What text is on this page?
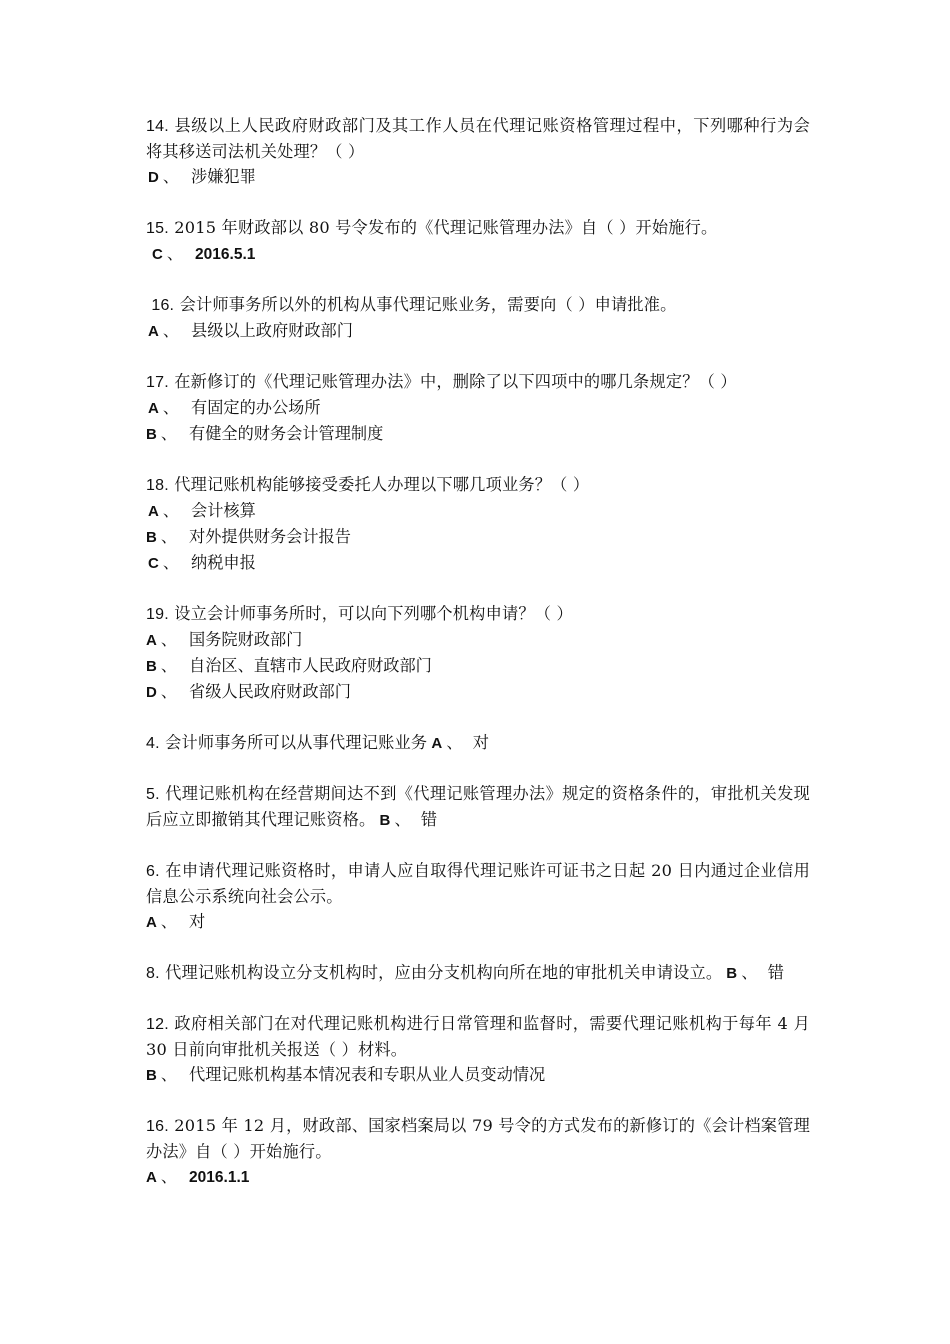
14. 县级以上人民政府财政部门及其工作人员在代理记账资格管理过程中，下列哪种行为会将其移送司法机关处理？（ ）

D 、 涉嫌犯罪

15. 2015 年财政部以 80 号令发布的《代理记账管理办法》自（ ）开始施行。

C 、 2016.5.1

16. 会计师事务所以外的机构从事代理记账业务，需要向（ ）申请批准。

A 、 县级以上政府财政部门

17. 在新修订的《代理记账管理办法》中，删除了以下四项中的哪几条规定？（ ）

A 、 有固定的办公场所

B 、 有健全的财务会计管理制度

18. 代理记账机构能够接受委托人办理以下哪几项业务？（ ）

A 、 会计核算

B 、 对外提供财务会计报告

C 、 纳税申报

19. 设立会计师事务所时，可以向下列哪个机构申请？（ ）

A 、 国务院财政部门

B 、 自治区、直辖市人民政府财政部门

D 、 省级人民政府财政部门

4. 会计师事务所可以从事代理记账业务 A 、 对

5. 代理记账机构在经营期间达不到《代理记账管理办法》规定的资格条件的，审批机关发现后应立即撤销其代理记账资格。 B 、 错

6. 在申请代理记账资格时，申请人应自取得代理记账许可证书之日起 20 日内通过企业信用信息公示系统向社会公示。

A 、 对

8. 代理记账机构设立分支机构时，应由分支机构向所在地的审批机关申请设立。 B 、 错

12. 政府相关部门在对代理记账机构进行日常管理和监督时，需要代理记账机构于每年 4 月 30 日前向审批机关报送（ ）材料。

B 、 代理记账机构基本情况表和专职从业人员变动情况

16. 2015 年 12 月，财政部、国家档案局以 79 号令的方式发布的新修订的《会计档案管理办法》自（ ）开始施行。

A 、 2016.1.1
